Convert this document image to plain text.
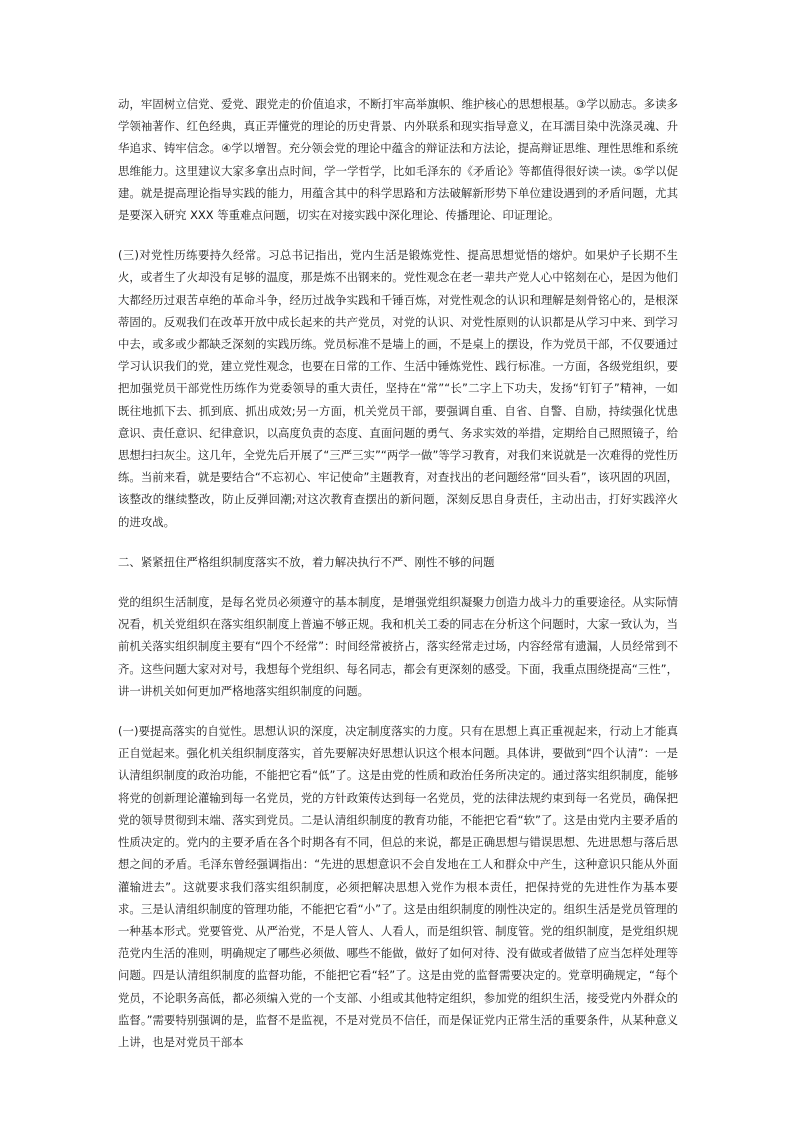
动，牢固树立信党、爱党、跟党走的价值追求，不断打牢高举旗帜、维护核心的思想根基。③学以励志。多读多学领袖著作、红色经典，真正弄懂党的理论的历史背景、内外联系和现实指导意义，在耳濡目染中洗涤灵魂、升华追求、铸牢信念。④学以增智。充分领会党的理论中蕴含的辩证法和方法论，提高辩证思维、理性思维和系统思维能力。这里建议大家多拿出点时间，学一学哲学，比如毛泽东的《矛盾论》等都值得很好读一读。⑤学以促建。就是提高理论指导实践的能力，用蕴含其中的科学思路和方法破解新形势下单位建设遇到的矛盾问题，尤其是要深入研究 XXX 等重难点问题，切实在对接实践中深化理论、传播理论、印证理论。

(三)对党性历练要持久经常。习总书记指出，党内生活是锻炼党性、提高思想觉悟的熔炉。如果炉子长期不生火，或者生了火却没有足够的温度，那是炼不出钢来的。党性观念在老一辈共产党人心中铭刻在心，是因为他们大都经历过艰苦卓绝的革命斗争，经历过战争实践和千锤百炼，对党性观念的认识和理解是刻骨铭心的，是根深蒂固的。反观我们在改革开放中成长起来的共产党员，对党的认识、对党性原则的认识都是从学习中来、到学习中去，或多或少都缺乏深刻的实践历练。党员标准不是墙上的画，不是桌上的摆设，作为党员干部，不仅要通过学习认识我们的党，建立党性观念，也要在日常的工作、生活中锤炼党性、践行标准。一方面，各级党组织，要把加强党员干部党性历练作为党委领导的重大责任，坚持在“常”“长”二字上下功夫，发扬“钉钉子”精神，一如既往地抓下去、抓到底、抓出成效;另一方面，机关党员干部，要强调自重、自省、自警、自励，持续强化忧患意识、责任意识、纪律意识，以高度负责的态度、直面问题的勇气、务求实效的举措，定期给自己照照镜子，给思想扫扫灰尘。这几年，全党先后开展了“三严三实”“两学一做”等学习教育，对我们来说就是一次难得的党性历练。当前来看，就是要结合“不忘初心、牢记使命”主题教育，对查找出的老问题经常“回头看”，该巩固的巩固，该整改的继续整改，防止反弹回潮;对这次教育查摆出的新问题，深刻反思自身责任，主动出击，打好实践淬火的进攻战。

二、紧紧扭住严格组织制度落实不放，着力解决执行不严、刚性不够的问题

党的组织生活制度，是每名党员必须遵守的基本制度，是增强党组织凝聚力创造力战斗力的重要途径。从实际情况看，机关党组织在落实组织制度上普遍不够正规。我和机关工委的同志在分析这个问题时，大家一致认为，当前机关落实组织制度主要有“四个不经常”：时间经常被挤占，落实经常走过场，内容经常有遗漏，人员经常到不齐。这些问题大家对对号，我想每个党组织、每名同志，都会有更深刻的感受。下面，我重点围绕提高“三性”，讲一讲机关如何更加严格地落实组织制度的问题。

(一)要提高落实的自觉性。思想认识的深度，决定制度落实的力度。只有在思想上真正重视起来，行动上才能真正自觉起来。强化机关组织制度落实，首先要解决好思想认识这个根本问题。具体讲，要做到“四个认清”：一是认清组织制度的政治功能，不能把它看“低”了。这是由党的性质和政治任务所决定的。通过落实组织制度，能够将党的创新理论灌输到每一名党员，党的方针政策传达到每一名党员，党的法律法规约束到每一名党员，确保把党的领导贯彻到末端、落实到党员。二是认清组织制度的教育功能，不能把它看“软”了。这是由党内主要矛盾的性质决定的。党内的主要矛盾在各个时期各有不同，但总的来说，都是正确思想与错误思想、先进思想与落后思想之间的矛盾。毛泽东曾经强调指出：“先进的思想意识不会自发地在工人和群众中产生，这种意识只能从外面灌输进去”。这就要求我们落实组织制度，必须把解决思想入党作为根本责任，把保持党的先进性作为基本要求。三是认清组织制度的管理功能，不能把它看“小”了。这是由组织制度的刚性决定的。组织生活是党员管理的一种基本形式。党要管党、从严治党，不是人管人、人看人，而是组织管、制度管。党的组织制度，是党组织规范党内生活的准则，明确规定了哪些必须做、哪些不能做，做好了如何对待、没有做或者做错了应当怎样处理等问题。四是认清组织制度的监督功能，不能把它看“轻”了。这是由党的监督需要决定的。党章明确规定，“每个党员，不论职务高低，都必须编入党的一个支部、小组或其他特定组织，参加党的组织生活，接受党内外群众的监督。”需要特别强调的是，监督不是监视，不是对党员不信任，而是保证党内正常生活的重要条件，从某种意义上讲，也是对党员干部本
